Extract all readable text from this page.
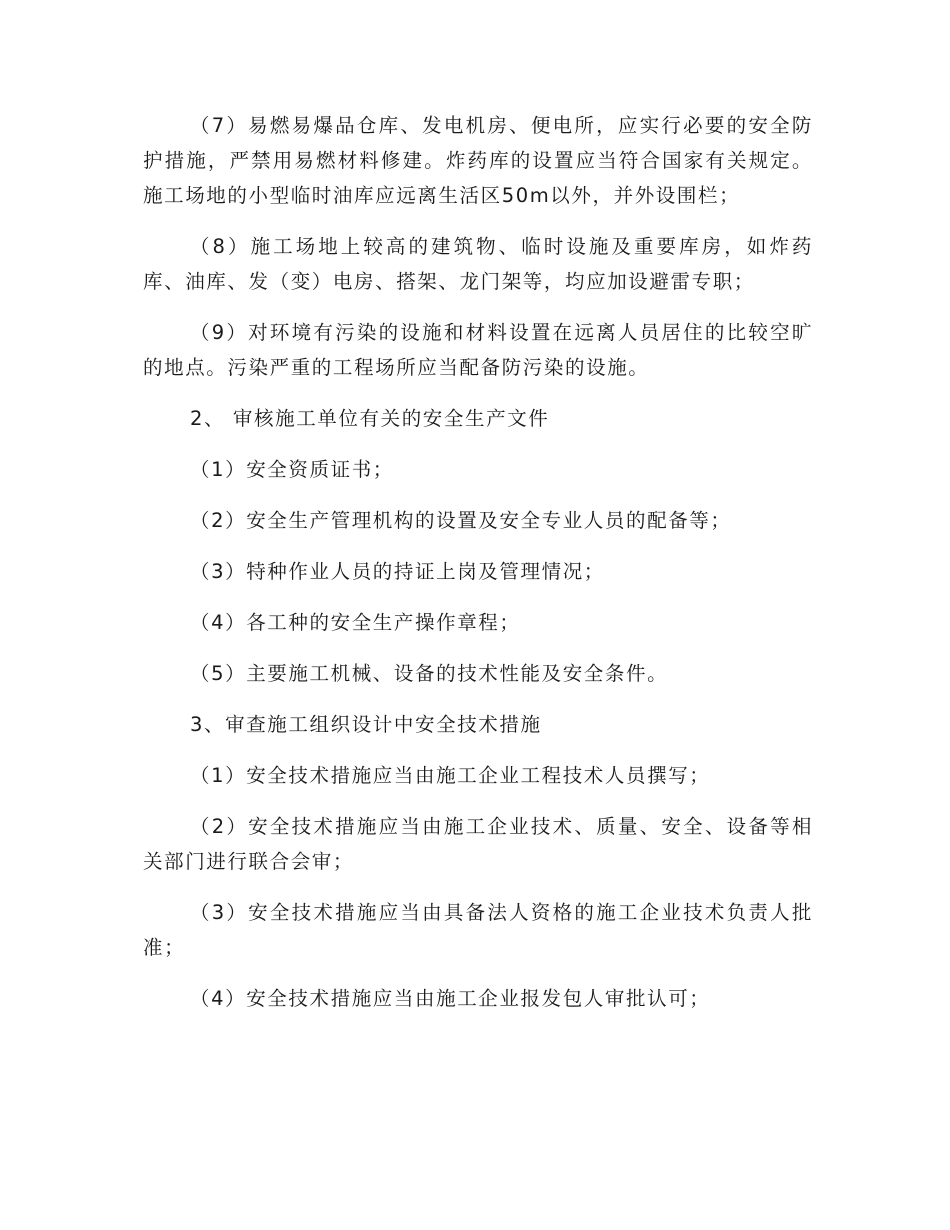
（7）易燃易爆品仓库、发电机房、便电所，应实行必要的安全防护措施，严禁用易燃材料修建。炸药库的设置应当符合国家有关规定。施工场地的小型临时油库应远离生活区50m以外，并外设围栏；

（8）施工场地上较高的建筑物、临时设施及重要库房，如炸药库、油库、发（变）电房、搭架、龙门架等，均应加设避雷专职；

（9）对环境有污染的设施和材料设置在远离人员居住的比较空旷的地点。污染严重的工程场所应当配备防污染的设施。

2、 审核施工单位有关的安全生产文件

（1）安全资质证书；

（2）安全生产管理机构的设置及安全专业人员的配备等；

（3）特种作业人员的持证上岗及管理情况；

（4）各工种的安全生产操作章程；

（5）主要施工机械、设备的技术性能及安全条件。

3、审查施工组织设计中安全技术措施

（1）安全技术措施应当由施工企业工程技术人员撰写；

（2）安全技术措施应当由施工企业技术、质量、安全、设备等相关部门进行联合会审；

（3）安全技术措施应当由具备法人资格的施工企业技术负责人批准；

（4）安全技术措施应当由施工企业报发包人审批认可；
